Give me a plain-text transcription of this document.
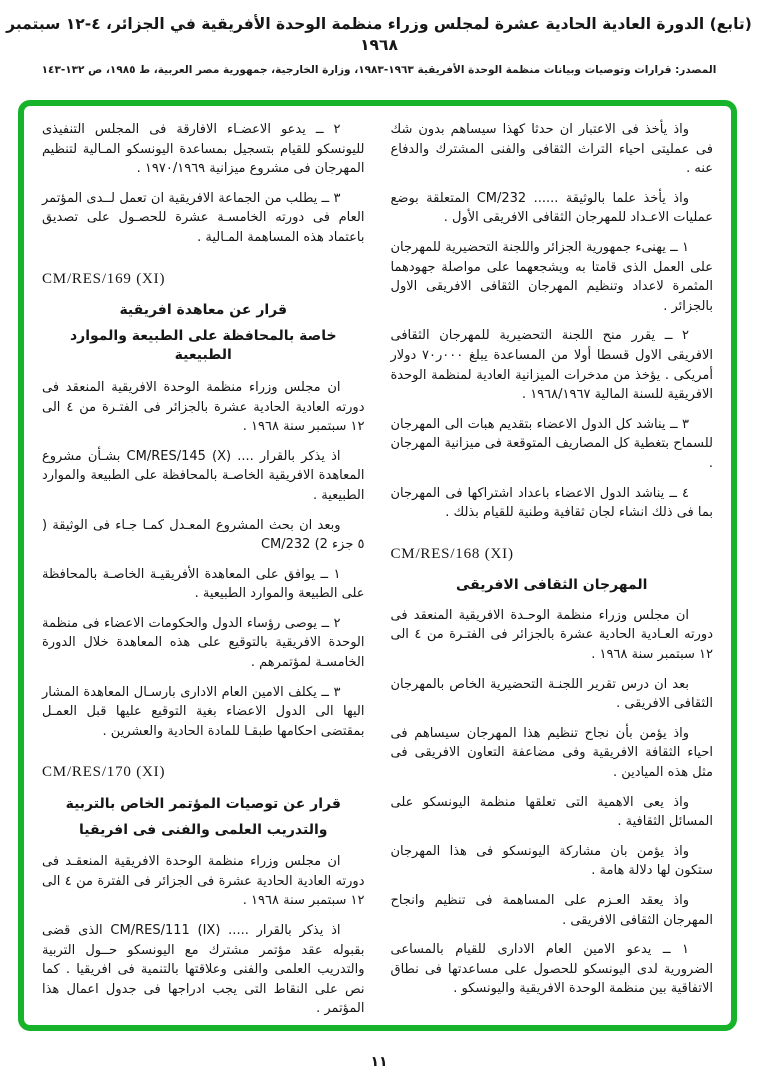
(تابع) الدورة العادية الحادية عشرة لمجلس وزراء منظمة الوحدة الأفريقية في الجزائر، ٤-١٢ سبتمبر ١٩٦٨
المصدر: قرارات وتوصيات وبيانات منظمة الوحدة الأفريقية ١٩٦٣-١٩٨٣، وزارة الخارجية، جمهورية مصر العربية، ط ١٩٨٥، ص ١٣٢-١٤٣
واذ يأخذ فى الاعتبار ان حدثا كهذا سيساهم بدون شك فى عمليتى احياء التراث الثقافى والفنى المشترك والدفاع عنه .
واذ يأخذ علما بالوثيقة ...... ‎CM/232‎ المتعلقة بوضع عمليات الاعـداد للمهرجان الثقافى الافريقى الأول .
١ ــ يهنىء جمهورية الجزائر واللجنة التحضيرية للمهرجان على العمل الذى قامتا به ويشجعهما على مواصلة جهودهما المثمرة لاعداد وتنظيم المهرجان الثقافى الافريقى الاول بالجزائر .
٢ ــ يقرر منح اللجنة التحضيرية للمهرجان الثقافى الافريقى الاول قسطا أولا من المساعدة يبلغ ٠٠٠ر٧٠ دولار أمريكى . يؤخذ من مدخرات الميزانية العادية لمنظمة الوحدة الافريقية للسنة المالية ١٩٦٨/١٩٦٧ .
٣ ــ يناشد كل الدول الاعضاء بتقديم هبات الى المهرجان للسماح بتغطية كل المصاريف المتوقعة فى ميزانية المهرجان .
٤ ــ يناشد الدول الاعضاء باعداد اشتراكها فى المهرجان بما فى ذلك انشاء لجان ثقافية وطنية للقيام بذلك .
CM/RES/168 (XI)
المهرجان الثقافى الافريقى
ان مجلس وزراء منظمة الوحـدة الافريقية المنعقد فى دورته العـادية الحادية عشرة بالجزائر فى الفتـرة من ٤ الى ١٢ سبتمبر سنة ١٩٦٨ .
بعد ان درس تقرير اللجنـة التحضيرية الخاص بالمهرجان الثقافى الافريقى .
واذ يؤمن بأن نجاح تنظيم هذا المهرجان سيساهم فى احياء الثقافة الافريقية وفى مضاعفة التعاون الافريقى فى مثل هذه الميادين .
واذ يعى الاهمية التى تعلقها منظمة اليونسكو على المسائل الثقافية .
واذ يؤمن بان مشاركة اليونسكو فى هذا المهرجان ستكون لها دلالة هامة .
واذ يعقد العـزم على المساهمة فى تنظيم وانجاح المهرجان الثقافى الافريقى .
١ ــ يدعو الامين العام الادارى للقيام بالمساعى الضرورية لدى اليونسكو للحصول على مساعدتها فى نطاق الاتفاقية بين منظمة الوحدة الافريقية واليونسكو .
٢ ــ يدعو الاعضـاء الافارقة فى المجلس التنفيذى لليونسكو للقيام بتسجيل بمساعدة اليونسكو المـالية لتنظيم المهرجان فى مشروع ميزانية ١٩٧٠/١٩٦٩ .
٣ ــ يطلب من الجماعة الافريقية ان تعمل لــدى المؤتمر العام فى دورته الخامسـة عشرة للحصـول على تصديق باعتماد هذه المساهمة المـالية .
CM/RES/169 (XI)
قرار عن معاهدة افريقية
خاصة بالمحافظة على الطبيعة والموارد الطبيعية
ان مجلس وزراء منظمة الوحدة الافريقية المنعقد فى دورته العادية الحادية عشرة بالجزائر فى الفتـرة من ٤ الى ١٢ سبتمبر سنة ١٩٦٨ .
اذ يذكر بالقرار .... ‎CM/RES/145 (X)‎ بشـأن مشروع المعاهدة الافريقية الخاصـة بالمحافظة على الطبيعة والموارد الطبيعية .
وبعد ان بحث المشروع المعـدل كمـا جـاء فى الوثيقة ( ٥ جزء ‎CM/232 (2‎
١ ــ يوافق على المعاهدة الأفريقيـة الخاصـة بالمحافظة على الطبيعة والموارد الطبيعية .
٢ ــ يوصى رؤساء الدول والحكومات الاعضاء فى منظمة الوحدة الافريقية بالتوقيع على هذه المعاهدة خلال الدورة الخامسـة لمؤتمرهم .
٣ ــ يكلف الامين العام الادارى بارسـال المعاهدة المشار اليها الى الدول الاعضاء بغية التوقيع عليها قبل العمـل بمقتضى احكامها طبقـا للمادة الحادية والعشرين .
CM/RES/170 (XI)
قرار عن توصيات المؤتمر الخاص بالتربية
والتدريب العلمى والفنى فى افريقيا
ان مجلس وزراء منظمة الوحدة الافريقية المنعقـد فى دورته العادية الحادية عشرة فى الجزائر فى الفترة من ٤ الى ١٢ سبتمبر سنة ١٩٦٨ .
اذ يذكر بالقرار ..... ‎CM/RES/111 (IX)‎ الذى قضى بقبوله عقد مؤتمر مشترك مع اليونسكو حــول التربية والتدريب العلمى والفنى وعلاقتها بالتنمية فى افريقيا . كما نص على النقاط التى يجب ادراجها فى جدول اعمال هذا المؤتمر .
١١
